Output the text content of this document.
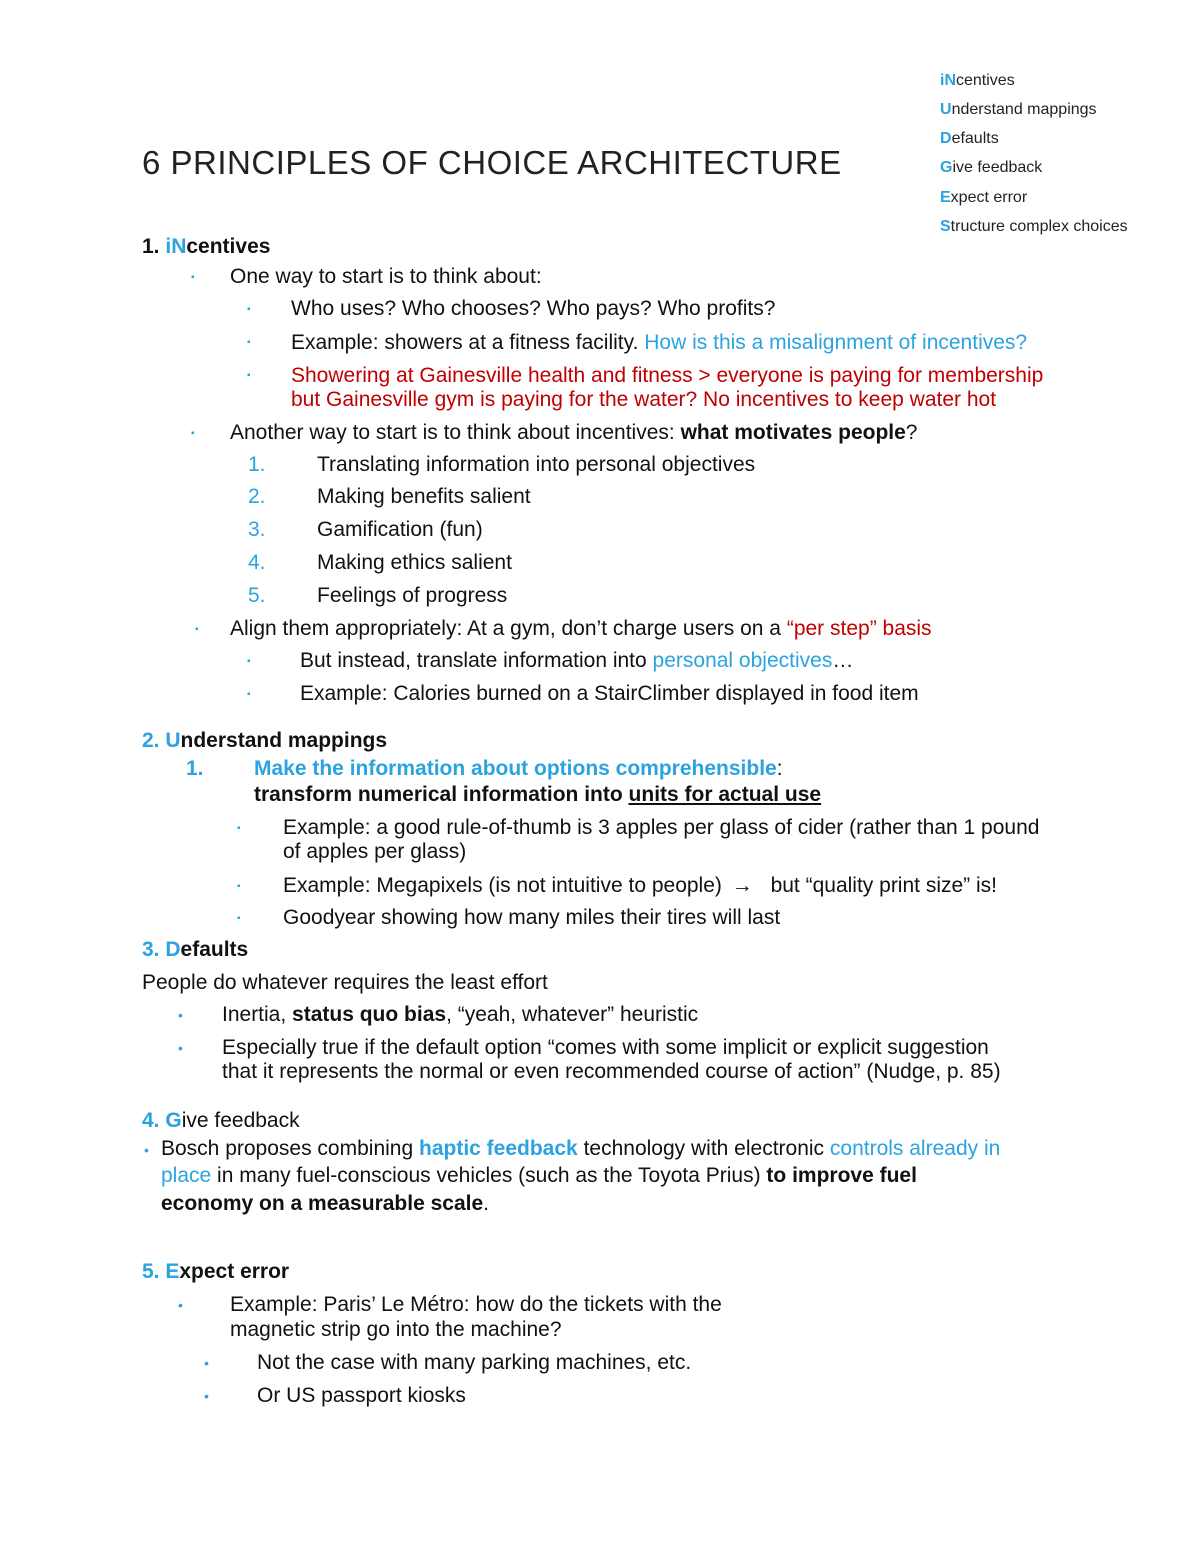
iNcentives
Understand mappings
Defaults
Give feedback
Expect error
Structure complex choices
6 PRINCIPLES OF CHOICE ARCHITECTURE
1. iNcentives
▪ One way to start is to think about:
▪ Who uses? Who chooses? Who pays? Who profits?
▪ Example: showers at a fitness facility. How is this a misalignment of incentives?
▪ Showering at Gainesville health and fitness > everyone is paying for membership
but Gainesville gym is paying for the water? No incentives to keep water hot
▪ Another way to start is to think about incentives: what motivates people?
1. Translating information into personal objectives
2. Making benefits salient
3. Gamification (fun)
4. Making ethics salient
5. Feelings of progress
▪ Align them appropriately: At a gym, don’t charge users on a “per step” basis
▪ But instead, translate information into personal objectives…
▪ Example: Calories burned on a StairClimber displayed in food item
2. Understand mappings
1. Make the information about options comprehensible:
transform numerical information into units for actual use
▪ Example: a good rule-of-thumb is 3 apples per glass of cider (rather than 1 pound
of apples per glass)
▪ Example: Megapixels (is not intuitive to people) → but “quality print size” is!
▪ Goodyear showing how many miles their tires will last
3. Defaults
People do whatever requires the least effort
• Inertia, status quo bias, “yeah, whatever” heuristic
• Especially true if the default option “comes with some implicit or explicit suggestion
that it represents the normal or even recommended course of action” (Nudge, p. 85)
4. Give feedback
• Bosch proposes combining haptic feedback technology with electronic controls already in
place in many fuel-conscious vehicles (such as the Toyota Prius) to improve fuel
economy on a measurable scale.
5. Expect error
• Example: Paris’ Le Métro: how do the tickets with the
magnetic strip go into the machine?
• Not the case with many parking machines, etc.
• Or US passport kiosks
